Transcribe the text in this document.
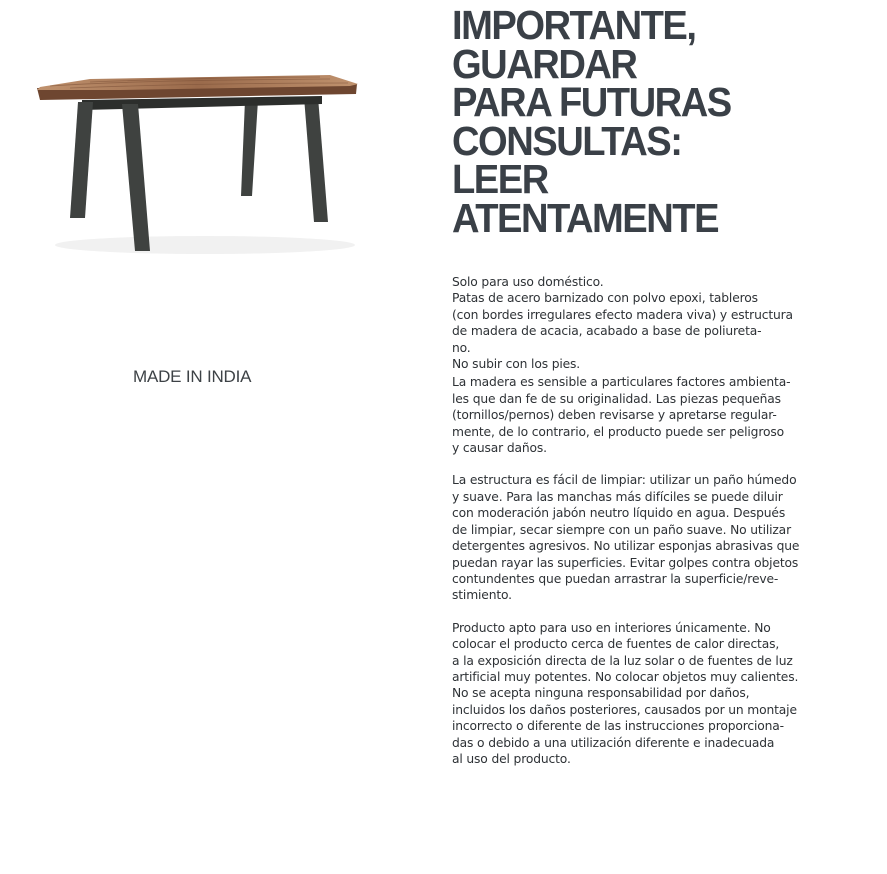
MADE IN INDIA
IMPORTANTE,
GUARDAR
PARA FUTURAS
CONSULTAS:
LEER
ATENTAMENTE
Solo para uso doméstico.
Patas de acero barnizado con polvo epoxi, tableros
(con bordes irregulares efecto madera viva) y estructura
de madera de acacia, acabado a base de poliureta-
no.
No subir con los pies.
La madera es sensible a particulares factores ambienta-
les que dan fe de su originalidad. Las piezas pequeñas
(tornillos/pernos) deben revisarse y apretarse regular-
mente, de lo contrario, el producto puede ser peligroso
y causar daños.
La estructura es fácil de limpiar: utilizar un paño húmedo
y suave. Para las manchas más difíciles se puede diluir
con moderación jabón neutro líquido en agua. Después
de limpiar, secar siempre con un paño suave. No utilizar
detergentes agresivos. No utilizar esponjas abrasivas que
puedan rayar las superficies. Evitar golpes contra objetos
contundentes que puedan arrastrar la superficie/reve-
stimiento.
Producto apto para uso en interiores únicamente. No
colocar el producto cerca de fuentes de calor directas,
a la exposición directa de la luz solar o de fuentes de luz
artificial muy potentes. No colocar objetos muy calientes.
No se acepta ninguna responsabilidad por daños,
incluidos los daños posteriores, causados por un montaje
incorrecto o diferente de las instrucciones proporciona-
das o debido a una utilización diferente e inadecuada
al uso del producto.
